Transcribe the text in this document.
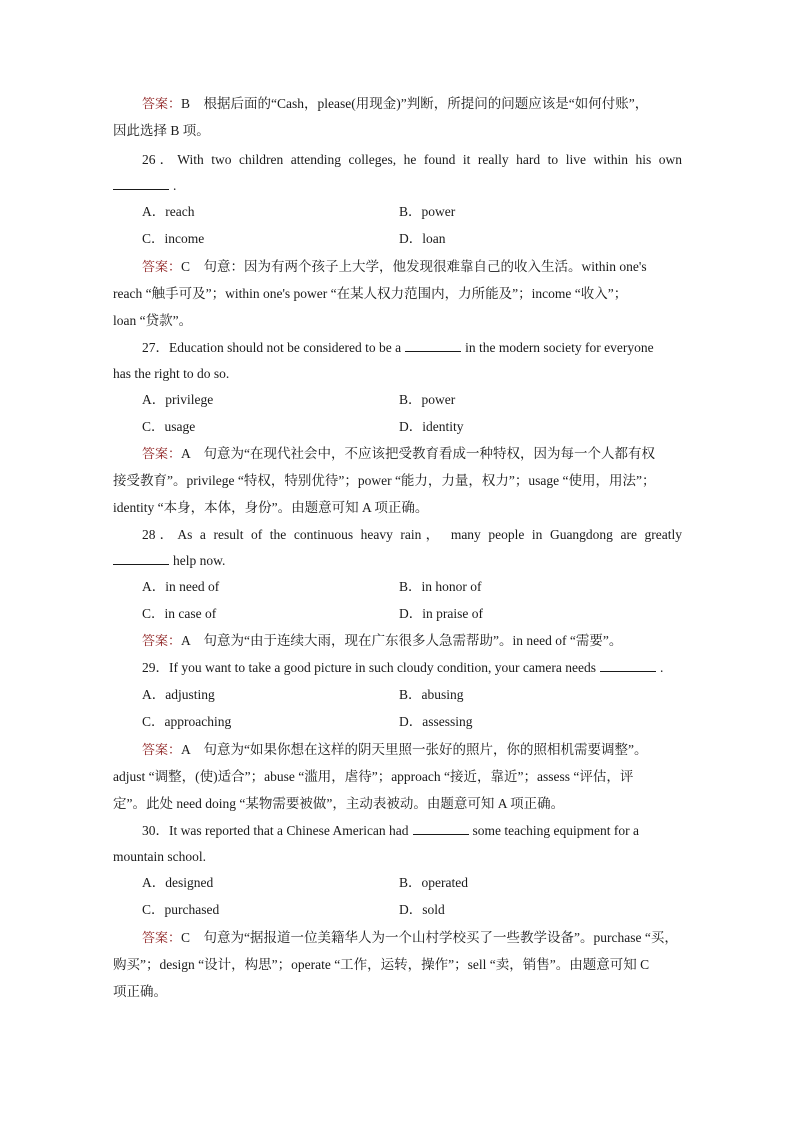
答案：B　根据后面的“Cash，please(用现金)”判断，所提问的问题应该是“如何付账”，
因此选择 B 项。
26．With two children attending colleges, he found it really hard to live within his own
.
A．reach	B．power
C．income	D．loan
答案：C　句意：因为有两个孩子上大学，他发现很难靠自己的收入生活。within one's
reach “触手可及”；within one's power “在某人权力范围内，力所能及”；income “收入”；
loan “贷款”。
27．Education should not be considered to be a	in the modern society for everyone
has the right to do so.
A．privilege	B．power
C．usage	D．identity
答案：A　句意为“在现代社会中，不应该把受教育看成一种特权，因为每一个人都有权
接受教育”。privilege “特权，特别优待”；power “能力，力量，权力”；usage “使用，用法”；
identity “本身，本体，身份”。由题意可知 A 项正确。
28．As a result of the continuous heavy rain， many people in Guangdong are greatly
help now.
A．in need of	B．in honor of
C．in case of	D．in praise of
答案：A　句意为“由于连续大雨，现在广东很多人急需帮助”。in need of “需要”。
29．If you want to take a good picture in such cloudy condition, your camera needs	.
A．adjusting	B．abusing
C．approaching	D．assessing
答案：A　句意为“如果你想在这样的阴天里照一张好的照片，你的照相机需要调整”。
adjust “调整，(使)适合”；abuse “滥用，虐待”；approach “接近，靠近”；assess “评估，评
定”。此处 need doing “某物需要被做”，主动表被动。由题意可知 A 项正确。
30．It was reported that a Chinese American had	some teaching equipment for a
mountain school.
A．designed	B．operated
C．purchased	D．sold
答案：C　句意为“据报道一位美籍华人为一个山村学校买了一些教学设备”。purchase “买，
购买”；design “设计，构思”；operate “工作，运转，操作”；sell “卖，销售”。由题意可知 C
项正确。
